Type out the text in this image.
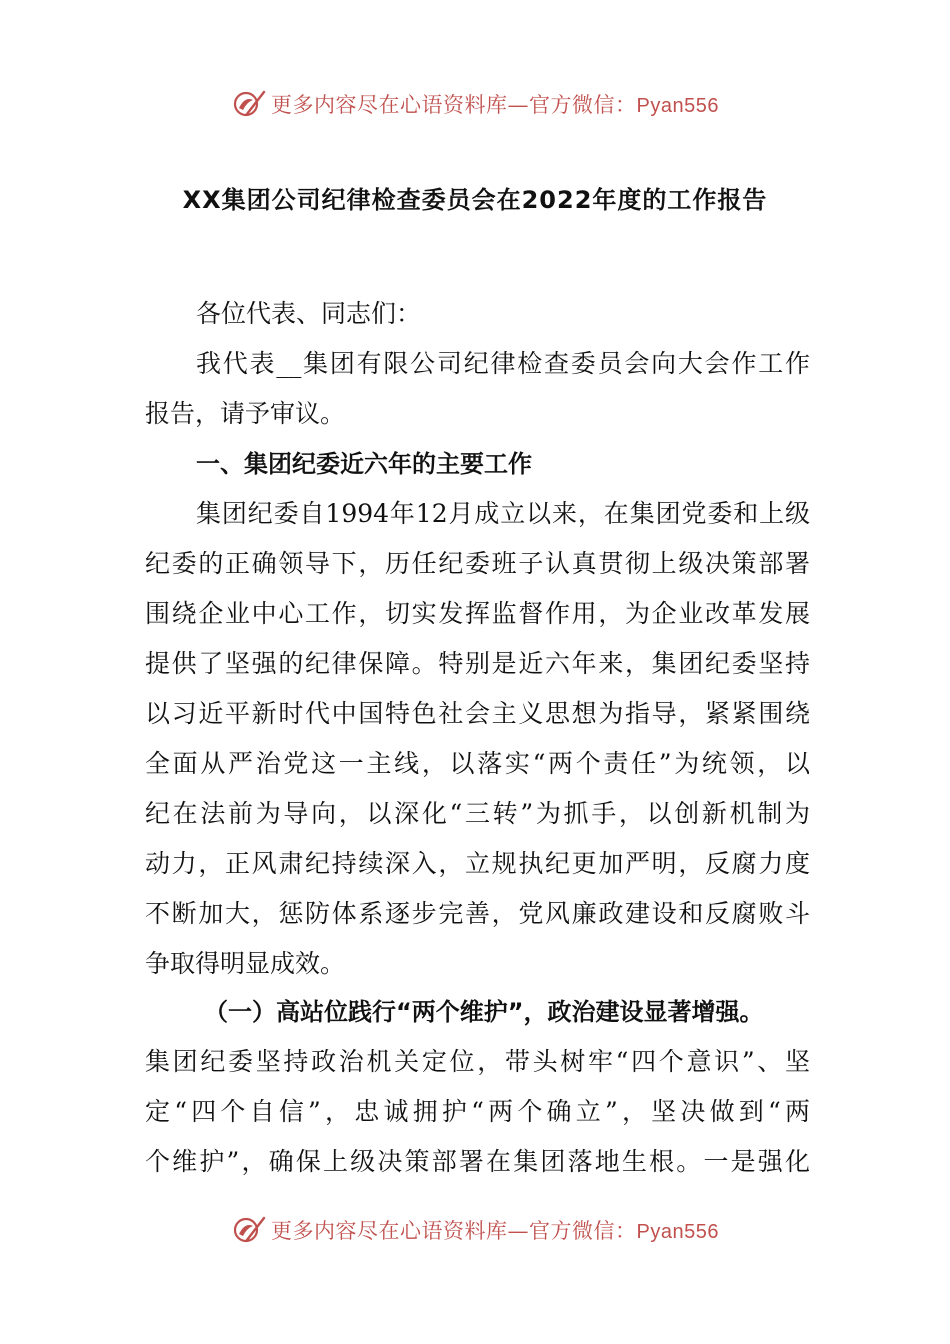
更多内容尽在心语资料库—官方微信：Pyan556
XX集团公司纪律检查委员会在2022年度的工作报告
各位代表、同志们：
我代表__集团有限公司纪律检查委员会向大会作工作
报告，请予审议。
一、集团纪委近六年的主要工作
集团纪委自1994年12月成立以来，在集团党委和上级
纪委的正确领导下，历任纪委班子认真贯彻上级决策部署
围绕企业中心工作，切实发挥监督作用，为企业改革发展
提供了坚强的纪律保障。特别是近六年来，集团纪委坚持
以习近平新时代中国特色社会主义思想为指导，紧紧围绕
全面从严治党这一主线，以落实“两个责任”为统领，以
纪在法前为导向，以深化“三转”为抓手，以创新机制为
动力，正风肃纪持续深入，立规执纪更加严明，反腐力度
不断加大，惩防体系逐步完善，党风廉政建设和反腐败斗
争取得明显成效。
（一）高站位践行“两个维护”，政治建设显著增强。
集团纪委坚持政治机关定位，带头树牢“四个意识”、坚
定“四个自信”，忠诚拥护“两个确立”，坚决做到“两
个维护”，确保上级决策部署在集团落地生根。一是强化
更多内容尽在心语资料库—官方微信：Pyan556
